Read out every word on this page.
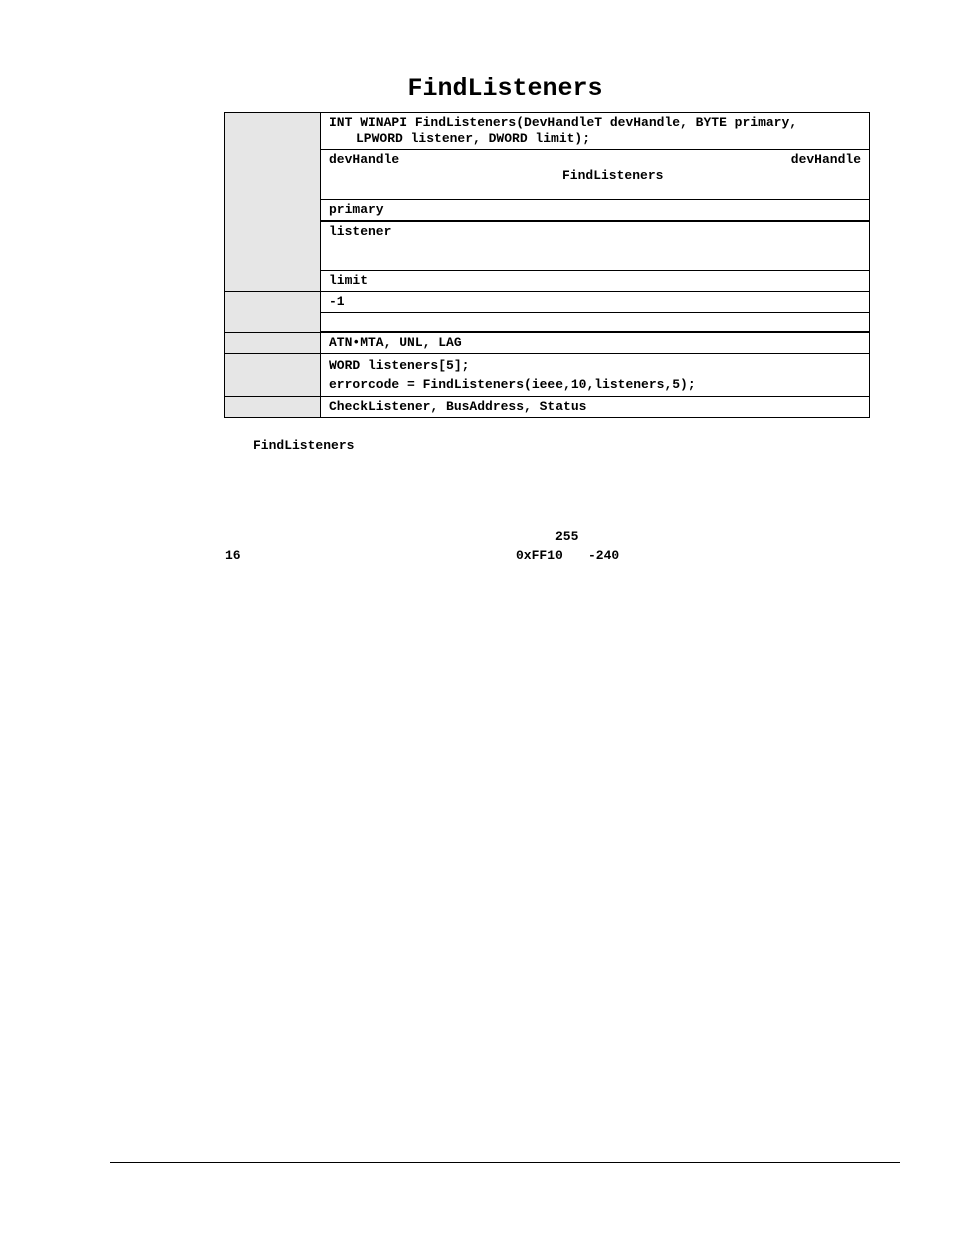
FindListeners
	INT WINAPI FindListeners(DevHandleT devHandle, BYTE primary,

LPWORD listener, DWORD limit);

	devHandle devHandle
FindListeners

	primary
	listener
	limit
	-1

	ATN•MTA, UNL, LAG
	WORD listeners[5];
errorcode = FindListeners(ieee,10,listeners,5);
	CheckListener, BusAddress, Status
FindListeners
255
16	0xFF10 -240
